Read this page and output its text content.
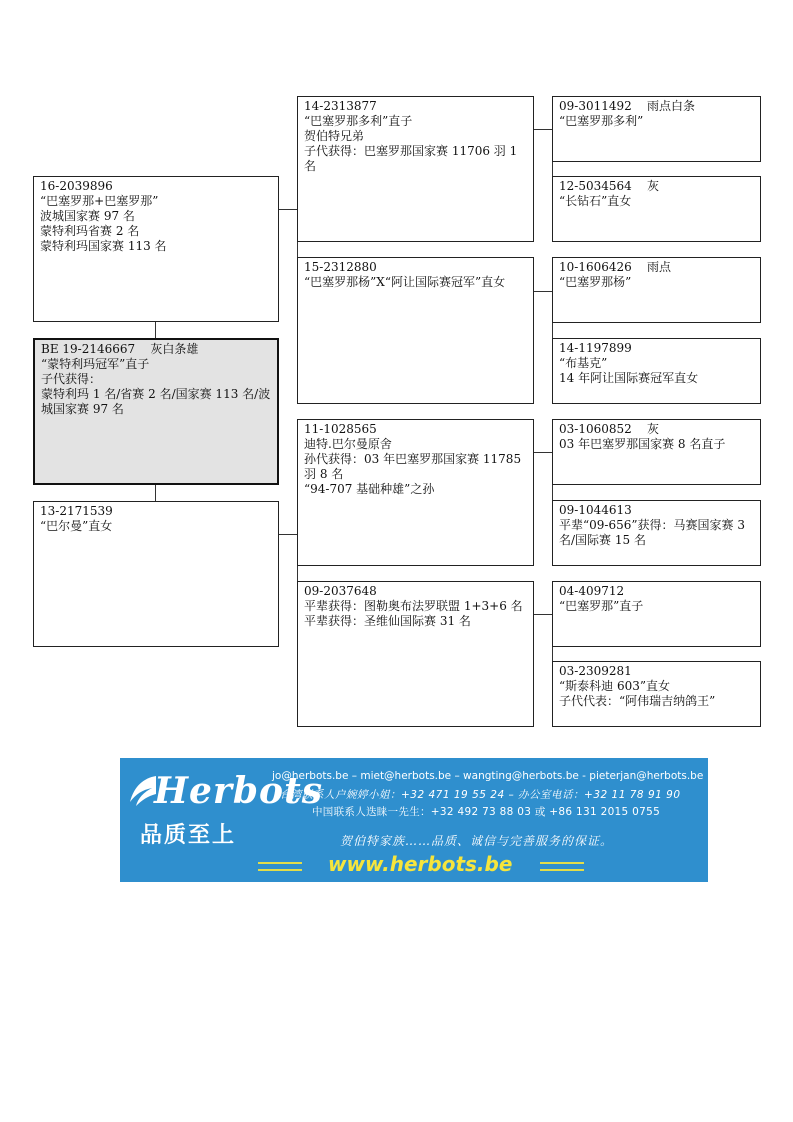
16-2039896
“巴塞罗那+巴塞罗那”
波城国家赛 97 名
蒙特利玛省赛 2 名
蒙特利玛国家赛 113 名
BE 19-2146667    灰白条雄
“蒙特利玛冠军”直子
子代获得：
蒙特利玛 1 名/省赛 2 名/国家赛 113 名/波城国家赛 97 名
13-2171539
“巴尔曼”直女
14-2313877
“巴塞罗那多利”直子
贺伯特兄弟
子代获得：巴塞罗那国家赛 11706 羽 1 名
15-2312880
“巴塞罗那杨”X“阿让国际赛冠军”直女
11-1028565
迪特.巴尔曼原舍
孙代获得：03 年巴塞罗那国家赛 11785 羽 8 名
“94-707 基础种雄”之孙
09-2037648
平辈获得：图勒奥布法罗联盟 1+3+6 名
平辈获得：圣维仙国际赛 31 名
09-3011492    雨点白条
“巴塞罗那多利”
12-5034564    灰
“长钻石”直女
10-1606426    雨点
“巴塞罗那杨”
14-1197899
“布基克”
14 年阿让国际赛冠军直女
03-1060852    灰
03 年巴塞罗那国家赛 8 名直子
09-1044613
平辈“09-656”获得：马赛国家赛 3 名/国际赛 15 名
04-409712
“巴塞罗那”直子
03-2309281
“斯泰科迪 603”直女
子代代表：“阿伟瑞吉纳鸽王”
Herbots
品质至上
jo@herbots.be – miet@herbots.be – wangting@herbots.be - pieterjan@herbots.be
台湾联系人户婉婷小姐：+32 471 19 55 24 – 办公室电话：+32 11 78 91 90
中国联系人迭睐一先生：+32 492 73 88 03 或 +86 131 2015 0755
贺伯特家族……品质、诚信与完善服务的保证。
www.herbots.be
